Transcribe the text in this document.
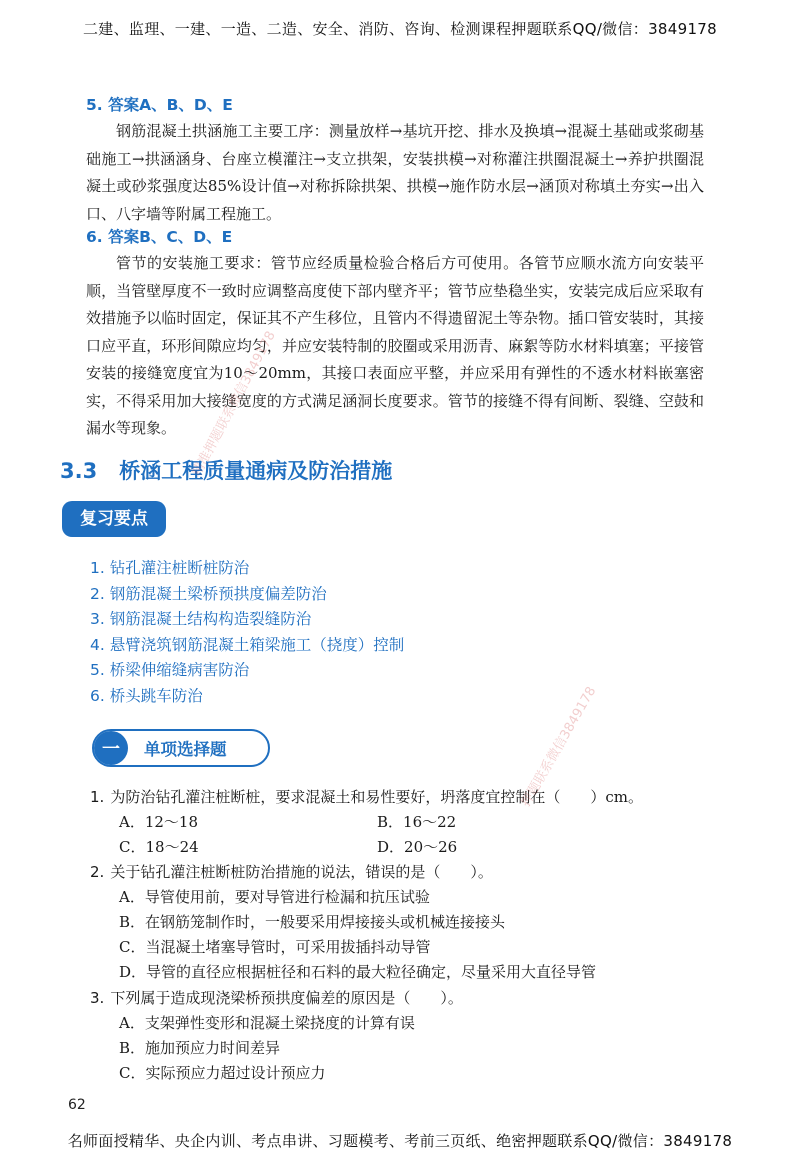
二建、监理、一建、一造、二造、安全、消防、咨询、检测课程押题联系QQ/微信：3849178
5. 答案A、B、D、E

钢筋混凝土拱涵施工主要工序：测量放样→基坑开挖、排水及换填→混凝土基础或浆砌基础施工→拱涵涵身、台座立模灌注→支立拱架，安装拱模→对称灌注拱圈混凝土→养护拱圈混凝土或砂浆强度达85%设计值→对称拆除拱架、拱模→施作防水层→涵顶对称填土夯实→出入口、八字墙等附属工程施工。

6. 答案B、C、D、E

管节的安装施工要求：管节应经质量检验合格后方可使用。各管节应顺水流方向安装平顺，当管壁厚度不一致时应调整高度使下部内壁齐平；管节应垫稳坐实，安装完成后应采取有效措施予以临时固定，保证其不产生移位，且管内不得遗留泥土等杂物。插口管安装时，其接口应平直，环形间隙应均匀，并应安装特制的胶圈或采用沥青、麻絮等防水材料填塞；平接管安装的接缝宽度宜为10～20mm，其接口表面应平整，并应采用有弹性的不透水材料嵌塞密实，不得采用加大接缝宽度的方式满足涵洞长度要求。管节的接缝不得有间断、裂缝、空鼓和漏水等现象。

3.3 桥涵工程质量通病及防治措施
复习要点
1. 钻孔灌注桩断桩防治
2. 钢筋混凝土梁桥预拱度偏差防治
3. 钢筋混凝土结构构造裂缝防治
4. 悬臂浇筑钢筋混凝土箱梁施工（挠度）控制
5. 桥梁伸缩缝病害防治
6. 桥头跳车防治
一	单项选择题
1. 为防治钻孔灌注桩断桩，要求混凝土和易性要好，坍落度宜控制在（　　）cm。
A．12～18	B．16～22
C．18～24	D．20～26
2. 关于钻孔灌注桩断桩防治措施的说法，错误的是（　　）。
A．导管使用前，要对导管进行检漏和抗压试验
B．在钢筋笼制作时，一般要采用焊接接头或机械连接接头
C．当混凝土堵塞导管时，可采用拔插抖动导管
D．导管的直径应根据桩径和石料的最大粒径确定，尽量采用大直径导管
3. 下列属于造成现浇梁桥预拱度偏差的原因是（　　）。
A．支架弹性变形和混凝土梁挠度的计算有误
B．施加预应力时间差异
C．实际预应力超过设计预应力
精准押题联系微信3849178
押题联系微信3849178
62
名师面授精华、央企内训、考点串讲、习题模考、考前三页纸、绝密押题联系QQ/微信：3849178
